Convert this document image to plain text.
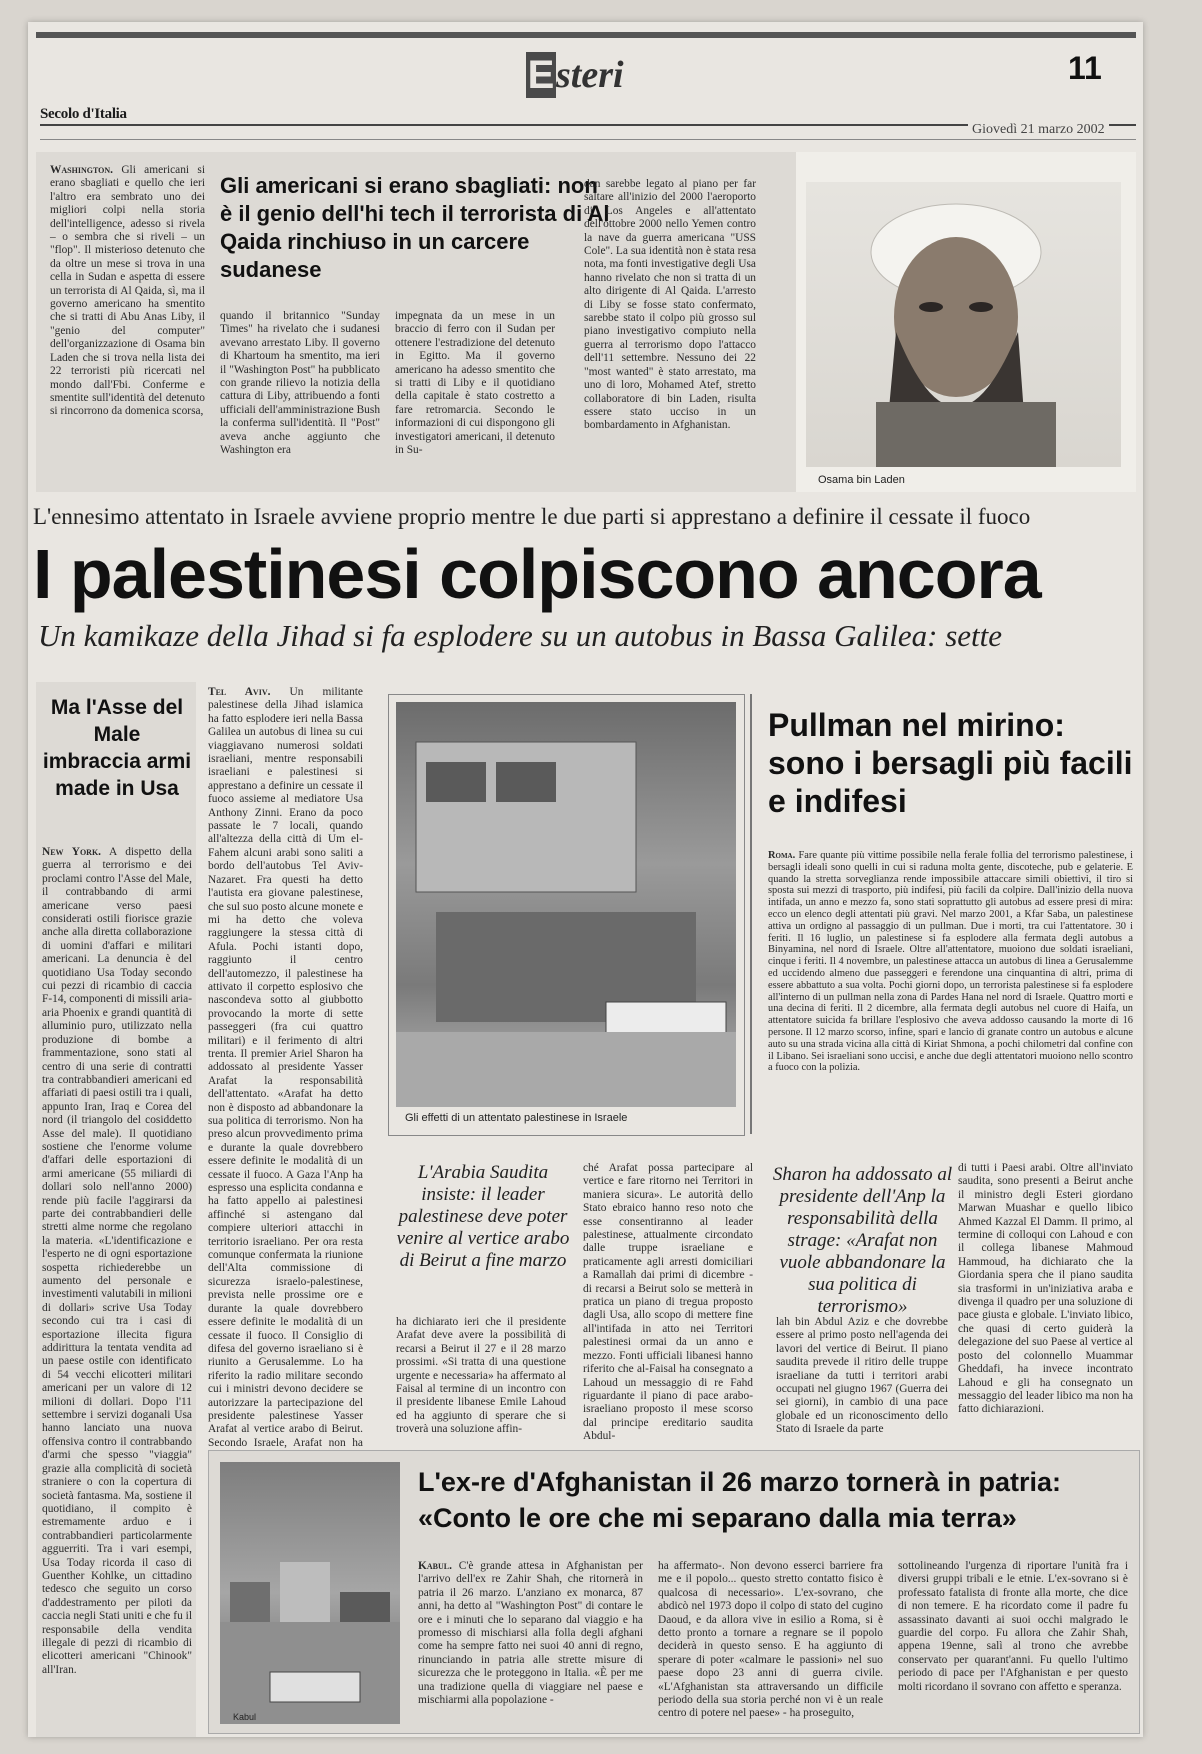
Esteri	11
Secolo d'Italia
Giovedì 21 marzo 2002
Washington. Gli americani si erano sbagliati e quello che ieri l'altro era sembrato uno dei migliori colpi nella storia dell'intelligence, adesso si rivela – o sembra che si riveli – un "flop". Il misterioso detenuto che da oltre un mese si trova in una cella in Sudan e aspetta di essere un terrorista di Al Qaida, sì, ma il governo americano ha smentito che si tratti di Abu Anas Liby, il "genio del computer" dell'organizzazione di Osama bin Laden che si trova nella lista dei 22 terroristi più ricercati nel mondo dall'Fbi. Conferme e smentite sull'identità del detenuto si rincorrono da domenica scorsa,
Gli americani si erano sbagliati: non è il genio dell'hi tech il terrorista di Al Qaida rinchiuso in un carcere sudanese
quando il britannico "Sunday Times" ha rivelato che i sudanesi avevano arrestato Liby. Il governo di Khartoum ha smentito, ma ieri il "Washington Post" ha pubblicato con grande rilievo la notizia della cattura di Liby, attribuendo a fonti ufficiali dell'amministrazione Bush la conferma sull'identità. Il "Post" aveva anche aggiunto che Washington era
impegnata da un mese in un braccio di ferro con il Sudan per ottenere l'estradizione del detenuto in Egitto. Ma il governo americano ha adesso smentito che si tratti di Liby e il quotidiano della capitale è stato costretto a fare retromarcia. Secondo le informazioni di cui dispongono gli investigatori americani, il detenuto in Su-
dan sarebbe legato al piano per far saltare all'inizio del 2000 l'aeroporto di Los Angeles e all'attentato dell'ottobre 2000 nello Yemen contro la nave da guerra americana "USS Cole". La sua identità non è stata resa nota, ma fonti investigative degli Usa hanno rivelato che non si tratta di un alto dirigente di Al Qaida. L'arresto di Liby se fosse stato confermato, sarebbe stato il colpo più grosso sul piano investigativo compiuto nella guerra al terrorismo dopo l'attacco dell'11 settembre. Nessuno dei 22 "most wanted" è stato arrestato, ma uno di loro, Mohamed Atef, stretto collaboratore di bin Laden, risulta essere stato ucciso in un bombardamento in Afghanistan.
Osama bin Laden
L'ennesimo attentato in Israele avviene proprio mentre le due parti si apprestano a definire il cessate il fuoco
I palestinesi colpiscono ancora
Un kamikaze della Jihad si fa esplodere su un autobus in Bassa Galilea: sette
Ma l'Asse del Male imbraccia armi made in Usa
New York. A dispetto della guerra al terrorismo e dei proclami contro l'Asse del Male, il contrabbando di armi americane verso paesi considerati ostili fiorisce grazie anche alla diretta collaborazione di uomini d'affari e militari americani. La denuncia è del quotidiano Usa Today secondo cui pezzi di ricambio di caccia F-14, componenti di missili aria-aria Phoenix e grandi quantità di alluminio puro, utilizzato nella produzione di bombe a frammentazione, sono stati al centro di una serie di contratti tra contrabbandieri americani ed affariati di paesi ostili tra i quali, appunto Iran, Iraq e Corea del nord (il triangolo del cosiddetto Asse del male). Il quotidiano sostiene che l'enorme volume d'affari delle esportazioni di armi americane (55 miliardi di dollari solo nell'anno 2000) rende più facile l'aggirarsi da parte dei contrabbandieri delle stretti alme norme che regolano la materia. «L'identificazione e l'esperto ne di ogni esportazione sospetta richiederebbe un aumento del personale e investimenti valutabili in milioni di dollari» scrive Usa Today secondo cui tra i casi di esportazione illecita figura addirittura la tentata vendita ad un paese ostile con identificato di 54 vecchi elicotteri militari americani per un valore di 12 milioni di dollari. Dopo l'11 settembre i servizi doganali Usa hanno lanciato una nuova offensiva contro il contrabbando d'armi che spesso "viaggia" grazie alla complicità di società straniere o con la copertura di società fantasma. Ma, sostiene il quotidiano, il compito è estremamente arduo e i contrabbandieri particolarmente agguerriti. Tra i vari esempi, Usa Today ricorda il caso di Guenther Kohlke, un cittadino tedesco che seguito un corso d'addestramento per piloti da caccia negli Stati uniti e che fu il responsabile della vendita illegale di pezzi di ricambio di elicotteri americani "Chinook" all'Iran.
Tel Aviv. Un militante palestinese della Jihad islamica ha fatto esplodere ieri nella Bassa Galilea un autobus di linea su cui viaggiavano numerosi soldati israeliani, mentre responsabili israeliani e palestinesi si apprestano a definire un cessate il fuoco assieme al mediatore Usa Anthony Zinni. Erano da poco passate le 7 locali, quando all'altezza della città di Um el-Fahem alcuni arabi sono saliti a bordo dell'autobus Tel Aviv-Nazaret. Fra questi ha detto l'autista era giovane palestinese, che sul suo posto alcune monete e mi ha detto che voleva raggiungere la stessa città di Afula. Pochi istanti dopo, raggiunto il centro dell'automezzo, il palestinese ha attivato il corpetto esplosivo che nascondeva sotto al giubbotto provocando la morte di sette passeggeri (fra cui quattro militari) e il ferimento di altri trenta. Il premier Ariel Sharon ha addossato al presidente Yasser Arafat la responsabilità dell'attentato. «Arafat ha detto non è disposto ad abbandonare la sua politica di terrorismo. Non ha preso alcun provvedimento prima e durante la quale dovrebbero essere definite le modalità di un cessate il fuoco. A Gaza l'Anp ha espresso una esplicita condanna e ha fatto appello ai palestinesi affinché si astengano dal compiere ulteriori attacchi in territorio israeliano. Per ora resta comunque confermata la riunione dell'Alta commissione di sicurezza israelo-palestinese, prevista nelle prossime ore e durante la quale dovrebbero essere definite le modalità di un cessate il fuoco. Il Consiglio di difesa del governo israeliano si è riunito a Gerusalemme. Lo ha riferito la radio militare secondo cui i ministri devono decidere se autorizzare la partecipazione del presidente palestinese Yasser Arafat al vertice arabo di Beirut. Secondo Israele, Arafat non ha
Gli effetti di un attentato palestinese in Israele
Pullman nel mirino: sono i bersagli più facili e indifesi
Roma. Fare quante più vittime possibile nella ferale follia del terrorismo palestinese, i bersagli ideali sono quelli in cui si raduna molta gente, discoteche, pub e gelaterie. E quando la stretta sorveglianza rende impossibile attaccare simili obiettivi, il tiro si sposta sui mezzi di trasporto, più indifesi, più facili da colpire. Dall'inizio della nuova intifada, un anno e mezzo fa, sono stati soprattutto gli autobus ad essere presi di mira: ecco un elenco degli attentati più gravi. Nel marzo 2001, a Kfar Saba, un palestinese attiva un ordigno al passaggio di un pullman. Due i morti, tra cui l'attentatore. 30 i feriti. Il 16 luglio, un palestinese si fa esplodere alla fermata degli autobus a Binyamina, nel nord di Israele. Oltre all'attentatore, muoiono due soldati israeliani, cinque i feriti. Il 4 novembre, un palestinese attacca un autobus di linea a Gerusalemme ed uccidendo almeno due passeggeri e ferendone una cinquantina di altri, prima di essere abbattuto a sua volta. Pochi giorni dopo, un terrorista palestinese si fa esplodere all'interno di un pullman nella zona di Pardes Hana nel nord di Israele. Quattro morti e una decina di feriti. Il 2 dicembre, alla fermata degli autobus nel cuore di Haifa, un attentatore suicida fa brillare l'esplosivo che aveva addosso causando la morte di 16 persone. Il 12 marzo scorso, infine, spari e lancio di granate contro un autobus e alcune auto su una strada vicina alla città di Kiriat Shmona, a pochi chilometri dal confine con il Libano. Sei israeliani sono uccisi, e anche due degli attentatori muoiono nello scontro a fuoco con la polizia.
L'Arabia Saudita insiste: il leader palestinese deve poter venire al vertice arabo di Beirut a fine marzo
ha dichiarato ieri che il presidente Arafat deve avere la possibilità di recarsi a Beirut il 27 e il 28 marzo prossimi. «Si tratta di una questione urgente e necessaria» ha affermato al Faisal al termine di un incontro con il presidente libanese Emile Lahoud ed ha aggiunto di sperare che si troverà una soluzione affin-
ché Arafat possa partecipare al vertice e fare ritorno nei Territori in maniera sicura». Le autorità dello Stato ebraico hanno reso noto che esse consentiranno al leader palestinese, attualmente circondato dalle truppe israeliane e praticamente agli arresti domiciliari a Ramallah dai primi di dicembre - di recarsi a Beirut solo se metterà in pratica un piano di tregua proposto dagli Usa, allo scopo di mettere fine all'intifada in atto nei Territori palestinesi ormai da un anno e mezzo. Fonti ufficiali libanesi hanno riferito che al-Faisal ha consegnato a Lahoud un messaggio di re Fahd riguardante il piano di pace arabo-israeliano proposto il mese scorso dal principe ereditario saudita Abdul-
Sharon ha addossato al presidente dell'Anp la responsabilità della strage: «Arafat non vuole abbandonare la sua politica di terrorismo»
lah bin Abdul Aziz e che dovrebbe essere al primo posto nell'agenda dei lavori del vertice di Beirut. Il piano saudita prevede il ritiro delle truppe israeliane da tutti i territori arabi occupati nel giugno 1967 (Guerra dei sei giorni), in cambio di una pace globale ed un riconoscimento dello Stato di Israele da parte
di tutti i Paesi arabi. Oltre all'inviato saudita, sono presenti a Beirut anche il ministro degli Esteri giordano Marwan Muashar e quello libico Ahmed Kazzal El Damm. Il primo, al termine di colloqui con Lahoud e con il collega libanese Mahmoud Hammoud, ha dichiarato che la Giordania spera che il piano saudita sia trasformi in un'iniziativa araba e divenga il quadro per una soluzione di pace giusta e globale. L'inviato libico, che quasi di certo guiderà la delegazione del suo Paese al vertice al posto del colonnello Muammar Gheddafi, ha invece incontrato Lahoud e gli ha consegnato un messaggio del leader libico ma non ha fatto dichiarazioni.
Kabul
L'ex-re d'Afghanistan il 26 marzo tornerà in patria: «Conto le ore che mi separano dalla mia terra»
Kabul. C'è grande attesa in Afghanistan per l'arrivo dell'ex re Zahir Shah, che ritornerà in patria il 26 marzo. L'anziano ex monarca, 87 anni, ha detto al "Washington Post" di contare le ore e i minuti che lo separano dal viaggio e ha promesso di mischiarsi alla folla degli afghani come ha sempre fatto nei suoi 40 anni di regno, rinunciando in patria alle strette misure di sicurezza che le proteggono in Italia. «È per me una tradizione quella di viaggiare nel paese e mischiarmi alla popolazione -
ha affermato-. Non devono esserci barriere fra me e il popolo... questo stretto contatto fisico è qualcosa di necessario». L'ex-sovrano, che abdicò nel 1973 dopo il colpo di stato del cugino Daoud, e da allora vive in esilio a Roma, si è detto pronto a tornare a regnare se il popolo deciderà in questo senso. E ha aggiunto di sperare di poter «calmare le passioni» nel suo paese dopo 23 anni di guerra civile. «L'Afghanistan sta attraversando un difficile periodo della sua storia perché non vi è un reale centro di potere nel paese» - ha proseguito,
sottolineando l'urgenza di riportare l'unità fra i diversi gruppi tribali e le etnie. L'ex-sovrano si è professato fatalista di fronte alla morte, che dice di non temere. E ha ricordato come il padre fu assassinato davanti ai suoi occhi malgrado le guardie del corpo. Fu allora che Zahir Shah, appena 19enne, salì al trono che avrebbe conservato per quarant'anni. Fu quello l'ultimo periodo di pace per l'Afghanistan e per questo molti ricordano il sovrano con affetto e speranza.
